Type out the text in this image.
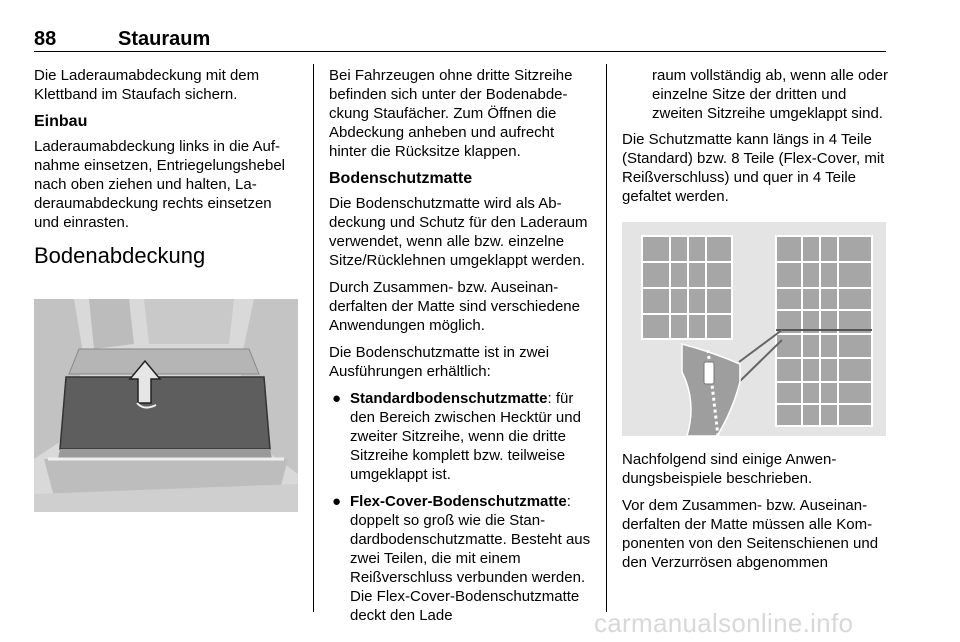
88	Stauraum

Die Laderaumabdeckung mit dem Klettband im Staufach sichern.

Einbau

Laderaumabdeckung links in die Aufnahme einsetzen, Entriegelungshebel nach oben ziehen und halten, Laderaumabdeckung rechts einsetzen und einrasten.

Bodenabdeckung

Bei Fahrzeugen ohne dritte Sitzreihe befinden sich unter der Bodenabdeckung Staufächer. Zum Öffnen die Abdeckung anheben und aufrecht hinter die Rücksitze klappen.

Bodenschutzmatte

Die Bodenschutzmatte wird als Abdeckung und Schutz für den Laderaum verwendet, wenn alle bzw. einzelne Sitze/Rücklehnen umgeklappt werden.

Durch Zusammen- bzw. Auseinanderfalten der Matte sind verschiedene Anwendungen möglich.

Die Bodenschutzmatte ist in zwei Ausführungen erhältlich:

● Standardbodenschutzmatte: für den Bereich zwischen Hecktür und zweiter Sitzreihe, wenn die dritte Sitzreihe komplett bzw. teilweise umgeklappt ist.
● Flex-Cover-Bodenschutzmatte: doppelt so groß wie die Standardbodenschutzmatte. Besteht aus zwei Teilen, die mit einem Reißverschluss verbunden werden. Die Flex-Cover-Bodenschutzmatte deckt den Lade

raum vollständig ab, wenn alle oder einzelne Sitze der dritten und zweiten Sitzreihe umgeklappt sind.

Die Schutzmatte kann längs in 4 Teile (Standard) bzw. 8 Teile (Flex-Cover, mit Reißverschluss) und quer in 4 Teile gefaltet werden.

Nachfolgend sind einige Anwendungsbeispiele beschrieben.

Vor dem Zusammen- bzw. Auseinanderfalten der Matte müssen alle Komponenten von den Seitenschienen und den Verzurrösen abgenommen

carmanualsonline.info
